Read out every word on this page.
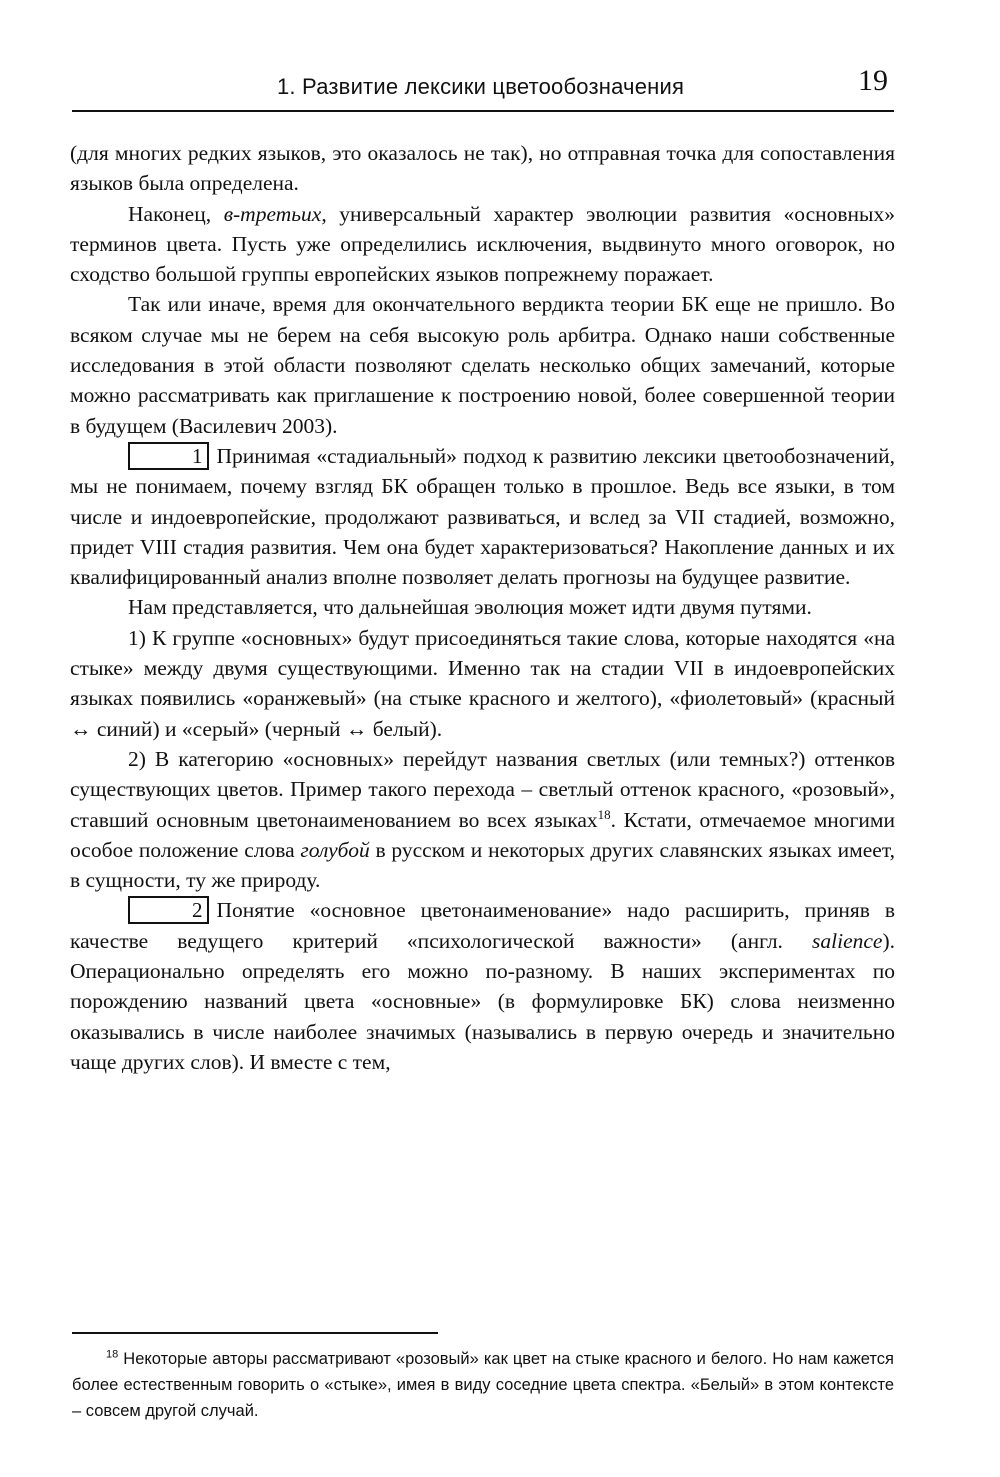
1. Развитие лексики цветообозначения	19

(для многих редких языков, это оказалось не так), но отправная точка для сопоставления языков была определена.

Наконец, в-третьих, универсальный характер эволюции развития «основных» терминов цвета. Пусть уже определились исключения, выдвинуто много оговорок, но сходство большой группы европейских языков попрежнему поражает.

Так или иначе, время для окончательного вердикта теории БК еще не пришло. Во всяком случае мы не берем на себя высокую роль арбитра. Однако наши собственные исследования в этой области позволяют сделать несколько общих замечаний, которые можно рассматривать как приглашение к построению новой, более совершенной теории в будущем (Василевич 2003).

1 Принимая «стадиальный» подход к развитию лексики цветообозначений, мы не понимаем, почему взгляд БК обращен только в прошлое. Ведь все языки, в том числе и индоевропейские, продолжают развиваться, и вслед за VII стадией, возможно, придет VIII стадия развития. Чем она будет характеризоваться? Накопление данных и их квалифицированный анализ вполне позволяет делать прогнозы на будущее развитие.

Нам представляется, что дальнейшая эволюция может идти двумя путями.

1) К группе «основных» будут присоединяться такие слова, которые находятся «на стыке» между двумя существующими. Именно так на стадии VII в индоевропейских языках появились «оранжевый» (на стыке красного и желтого), «фиолетовый» (красный ↔ синий) и «серый» (черный ↔ белый).

2) В категорию «основных» перейдут названия светлых (или темных?) оттенков существующих цветов. Пример такого перехода – светлый оттенок красного, «розовый», ставший основным цветонаименованием во всех языках$^{18}$. Кстати, отмечаемое многими особое положение слова голубой в русском и некоторых других славянских языках имеет, в сущности, ту же природу.

2 Понятие «основное цветонаименование» надо расширить, приняв в качестве ведущего критерий «психологической важности» (англ. salience). Операционально определять его можно по-разному. В наших экспериментах по порождению названий цвета «основные» (в формулировке БК) слова неизменно оказывались в числе наиболее значимых (назывались в первую очередь и значительно чаще других слов). И вместе с тем,

$^{18}$ Некоторые авторы рассматривают «розовый» как цвет на стыке красного и белого. Но нам кажется более естественным говорить о «стыке», имея в виду соседние цвета спектра. «Белый» в этом контексте – совсем другой случай.
